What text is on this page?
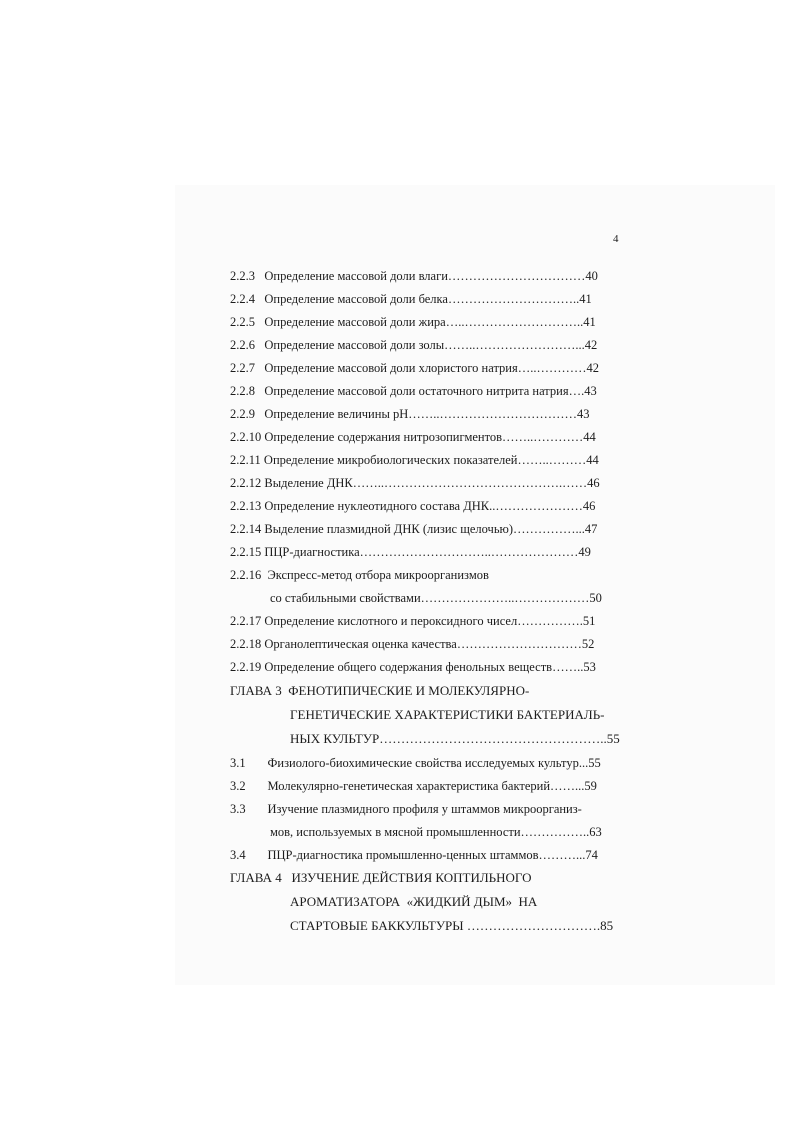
4
2.2.3   Определение массовой доли влаги……………………………40
2.2.4   Определение массовой доли белка…………………………..41
2.2.5   Определение массовой доли жира…..………………………..41
2.2.6   Определение массовой доли золы……..……………………...42
2.2.7   Определение массовой доли хлористого натрия…..…………42
2.2.8   Определение массовой доли остаточного нитрита натрия….43
2.2.9   Определение величины pH……..……………………………43
2.2.10 Определение содержания нитрозопигментов……..…………44
2.2.11 Определение микробиологических показателей……..………44
2.2.12 Выделение ДНК……..…………………………………….……46
2.2.13 Определение нуклеотидного состава ДНК..…………………46
2.2.14 Выделение плазмидной ДНК (лизис щелочью)……………...47
2.2.15 ПЦР-диагностика…………………………..…………………49
2.2.16  Экспресс-метод отбора микроорганизмов
со стабильными свойствами…………………..………………50
2.2.17 Определение кислотного и пероксидного чисел…………….51
2.2.18 Органолептическая оценка качества…………………………52
2.2.19 Определение общего содержания фенольных веществ……..53
ГЛАВА 3  ФЕНОТИПИЧЕСКИЕ И МОЛЕКУЛЯРНО-
ГЕНЕТИЧЕСКИЕ ХАРАКТЕРИСТИКИ БАКТЕРИАЛЬ-
НЫХ КУЛЬТУР……………………………………………..55
3.1       Физиолого-биохимические свойства исследуемых культур...55
3.2       Молекулярно-генетическая характеристика бактерий……...59
3.3       Изучение плазмидного профиля у штаммов микроорганиз-
мов, используемых в мясной промышленности……………..63
3.4       ПЦР-диагностика промышленно-ценных штаммов………...74
ГЛАВА 4   ИЗУЧЕНИЕ ДЕЙСТВИЯ КОПТИЛЬНОГО
АРОМАТИЗАТОРА  «ЖИДКИЙ ДЫМ»  НА
СТАРТОВЫЕ БАККУЛЬТУРЫ ………………………….85
